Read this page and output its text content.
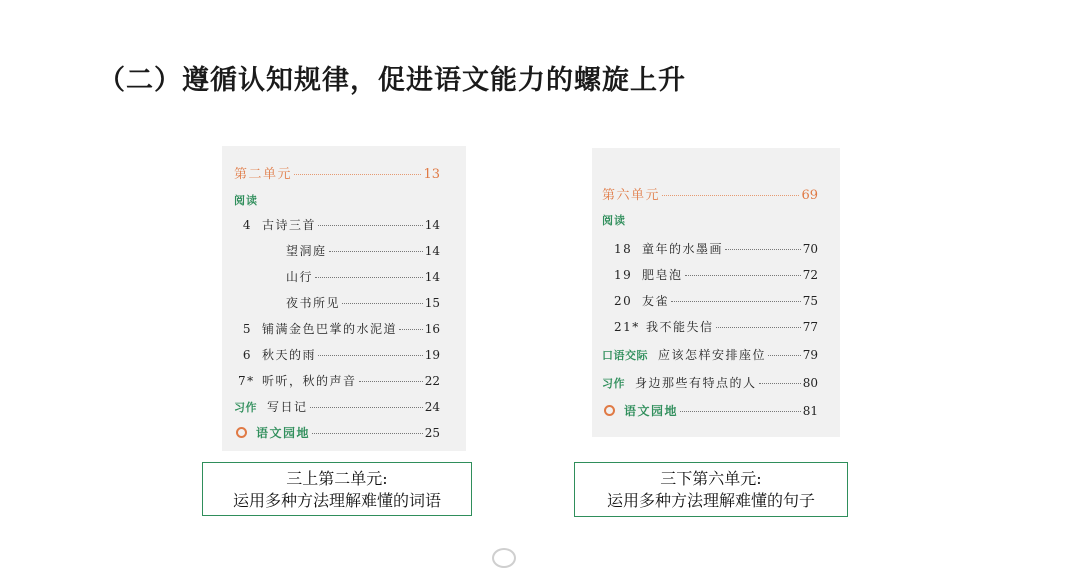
（二）遵循认知规律，促进语文能力的螺旋上升
第二单元	13
阅读
4 古诗三首	14
望洞庭	14
山行	14
夜书所见	15
5 铺满金色巴掌的水泥道 16
6 秋天的雨	19
7* 听听，秋的声音	22
习作 写日记	24
语文园地	25
第六单元	69
阅读
18 童年的水墨画	70
19 肥皂泡	72
20 友雀	75
21* 我不能失信	77
口语交际 应该怎样安排座位	79
习作 身边那些有特点的人	80
语文园地	81
三上第二单元:
运用多种方法理解难懂的词语
三下第六单元:
运用多种方法理解难懂的句子
